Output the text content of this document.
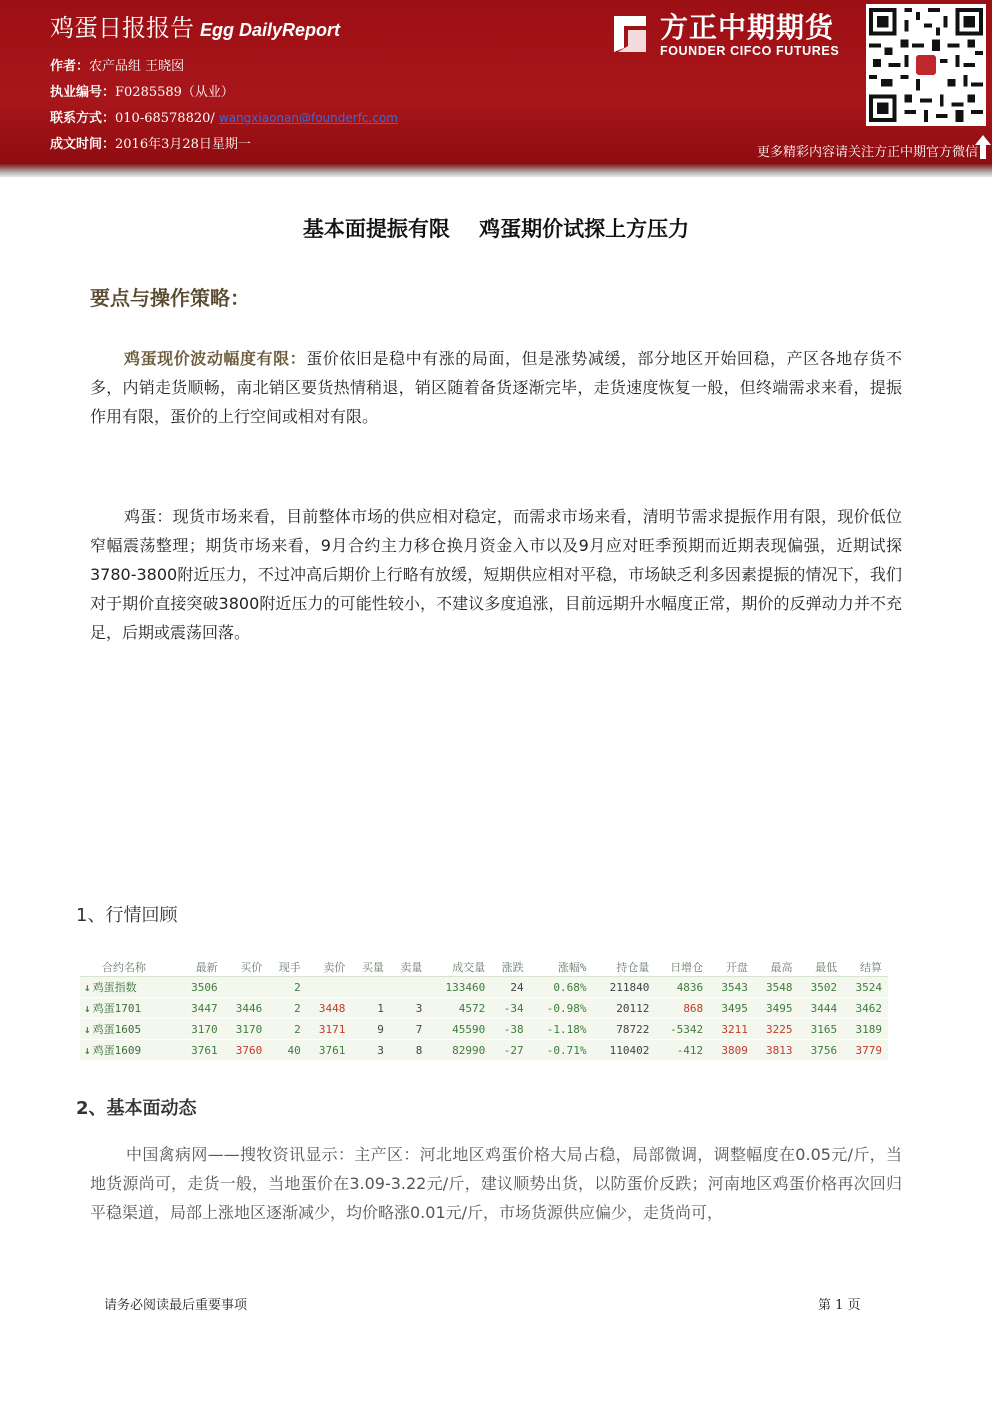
鸡蛋日报报告 Egg DailyReport
作者：农产品组 王晓囡
执业编号：F0285589（从业）
联系方式：010-68578820/ wangxiaonan@founderfc.com
成文时间：2016年3月28日星期一
方正中期期货
FOUNDER CIFCO FUTURES
更多精彩内容请关注方正中期官方微信
基本面提振有限    鸡蛋期价试探上方压力
要点与操作策略：
鸡蛋现价波动幅度有限：蛋价依旧是稳中有涨的局面，但是涨势减缓，部分地区开始回稳，产区各地存货不多，内销走货顺畅，南北销区要货热情稍退，销区随着备货逐渐完毕，走货速度恢复一般，但终端需求来看，提振作用有限，蛋价的上行空间或相对有限。
鸡蛋：现货市场来看，目前整体市场的供应相对稳定，而需求市场来看，清明节需求提振作用有限，现价低位窄幅震荡整理；期货市场来看，9月合约主力移仓换月资金入市以及9月应对旺季预期而近期表现偏强，近期试探3780-3800附近压力，不过冲高后期价上行略有放缓，短期供应相对平稳，市场缺乏利多因素提振的情况下，我们对于期价直接突破3800附近压力的可能性较小，不建议多度追涨，目前远期升水幅度正常，期价的反弹动力并不充足，后期或震荡回落。
1、行情回顾
合约名称	最新	买价	现手	卖价	买量	卖量	成交量	涨跌	涨幅%	持仓量	日增仓	开盘	最高	最低	结算
↓ 鸡蛋指数	3506		2				133460	24	0.68%	211840	4836	3543	3548	3502	3524
↓ 鸡蛋1701	3447	3446	2	3448	1	3	4572	-34	-0.98%	20112	868	3495	3495	3444	3462
↓ 鸡蛋1605	3170	3170	2	3171	9	7	45590	-38	-1.18%	78722	-5342	3211	3225	3165	3189
↓ 鸡蛋1609	3761	3760	40	3761	3	8	82990	-27	-0.71%	110402	-412	3809	3813	3756	3779
2、基本面动态
中国禽病网——搜牧资讯显示：主产区：河北地区鸡蛋价格大局占稳，局部微调，调整幅度在0.05元/斤，当地货源尚可，走货一般，当地蛋价在3.09-3.22元/斤，建议顺势出货，以防蛋价反跌；河南地区鸡蛋价格再次回归平稳渠道，局部上涨地区逐渐减少，均价略涨0.01元/斤，市场货源供应偏少，走货尚可，
请务必阅读最后重要事项	第 1 页
